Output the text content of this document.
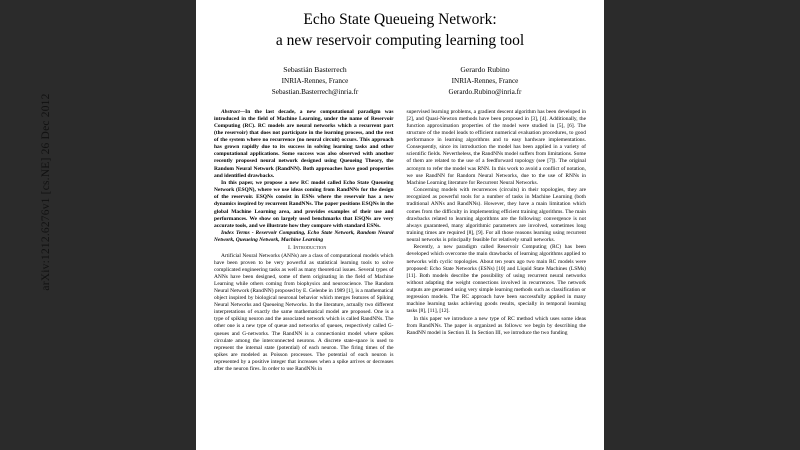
arXiv:1212.6276v1 [cs.NE] 26 Dec 2012
Echo State Queueing Network:
a new reservoir computing learning tool
Sebastián Basterrech
INRIA-Rennes, France
Sebastian.Basterrech@inria.fr
Gerardo Rubino
INRIA-Rennes, France
Gerardo.Rubino@inria.fr

Abstract—In the last decade, a new computational paradigm was introduced in the field of Machine Learning, under the name of Reservoir Computing (RC). RC models are neural networks which a recurrent part (the reservoir) that does not participate in the learning process, and the rest of the system where no recurrence (no neural circuit) occurs. This approach has grown rapidly due to its success in solving learning tasks and other computational applications. Some success was also observed with another recently proposed neural network designed using Queueing Theory, the Random Neural Network (RandNN). Both approaches have good properties and identified drawbacks.

In this paper, we propose a new RC model called Echo State Queueing Network (ESQN), where we use ideas coming from RandNNs for the design of the reservoir. ESQNs consist in ESNs where the reservoir has a new dynamics inspired by recurrent RandNNs. The paper positions ESQNs in the global Machine Learning area, and provides examples of their use and performances. We show on largely used benchmarks that ESQNs are very accurate tools, and we illustrate how they compare with standard ESNs.

Index Terms - Reservoir Computing, Echo State Network, Random Neural Network, Queueing Network, Machine Learning

I. Introduction

Artificial Neural Networks (ANNs) are a class of computational models which have been proven to be very powerful as statistical learning tools to solve complicated engineering tasks as well as many theoretical issues. Several types of ANNs have been designed, some of them originating in the field of Machine Learning while others coming from biophysics and neuroscience. The Random Neural Network (RandNN) proposed by E. Gelenbe in 1989 [1], is a mathematical object inspired by biological neuronal behavior which merges features of Spiking Neural Networks and Queueing Networks. In the literature, actually two different interpretations of exactly the same mathematical model are proposed. One is a type of spiking neuron and the associated network which is called RandNNs. The other one is a new type of queue and networks of queues, respectively called G-queues and G-networks. The RandNN is a connectionist model where spikes circulate among the interconnected neurons. A discrete state-space is used to represent the internal state (potential) of each neuron. The firing times of the spikes are modeled as Poisson processes. The potential of each neuron is represented by a positive integer that increases when a spike arrives or decreases after the neuron fires. In order to use RandNNs in

supervised learning problems, a gradient descent algorithm has been developed in [2], and Quasi-Newton methods have been proposed in [3], [4]. Additionally, the function approximation properties of the model were studied in [5], [6]. The structure of the model leads to efficient numerical evaluation procedures, to good performance in learning algorithms and to easy hardware implementations. Consequently, since its introduction the model has been applied in a variety of scientific fields. Nevertheless, the RandNNs model suffers from limitations. Some of them are related to the use of a feedforward topology (see [7]). The original acronym to refer the model was RNN. In this work to avoid a conflict of notation, we use RandNN for Random Neural Networks, due to the use of RNNs in Machine Learning literature for Recurrent Neural Networks.

Concerning models with recurrences (circuits) in their topologies, they are recognized as powerful tools for a number of tasks in Machine Learning (both traditional ANNs and RandNNs). However, they have a main limitation which comes from the difficulty in implementing efficient training algorithms. The main drawbacks related to learning algorithms are the following: convergence is not always guaranteed, many algorithmic parameters are involved, sometimes long training times are required [8], [9]. For all those reasons learning using recurrent neural networks is principally feasible for relatively small networks.

Recently, a new paradigm called Reservoir Computing (RC) has been developed which overcome the main drawbacks of learning algorithms applied to networks with cyclic topologies. About ten years ago two main RC models were proposed: Echo State Networks (ESNs) [10] and Liquid State Machines (LSMs) [11]. Both models describe the possibility of using recurrent neural networks without adapting the weight connections involved in recurrences. The network outputs are generated using very simple learning methods such as classification or regression models. The RC approach have been successfully applied in many machine learning tasks achieving goods results, specially in temporal learning tasks [8], [11], [12].

In this paper we introduce a new type of RC method which uses some ideas from RandNNs. The paper is organized as follows: we begin by describing the RandNN model in Section II. In Section III, we introduce the two funding
